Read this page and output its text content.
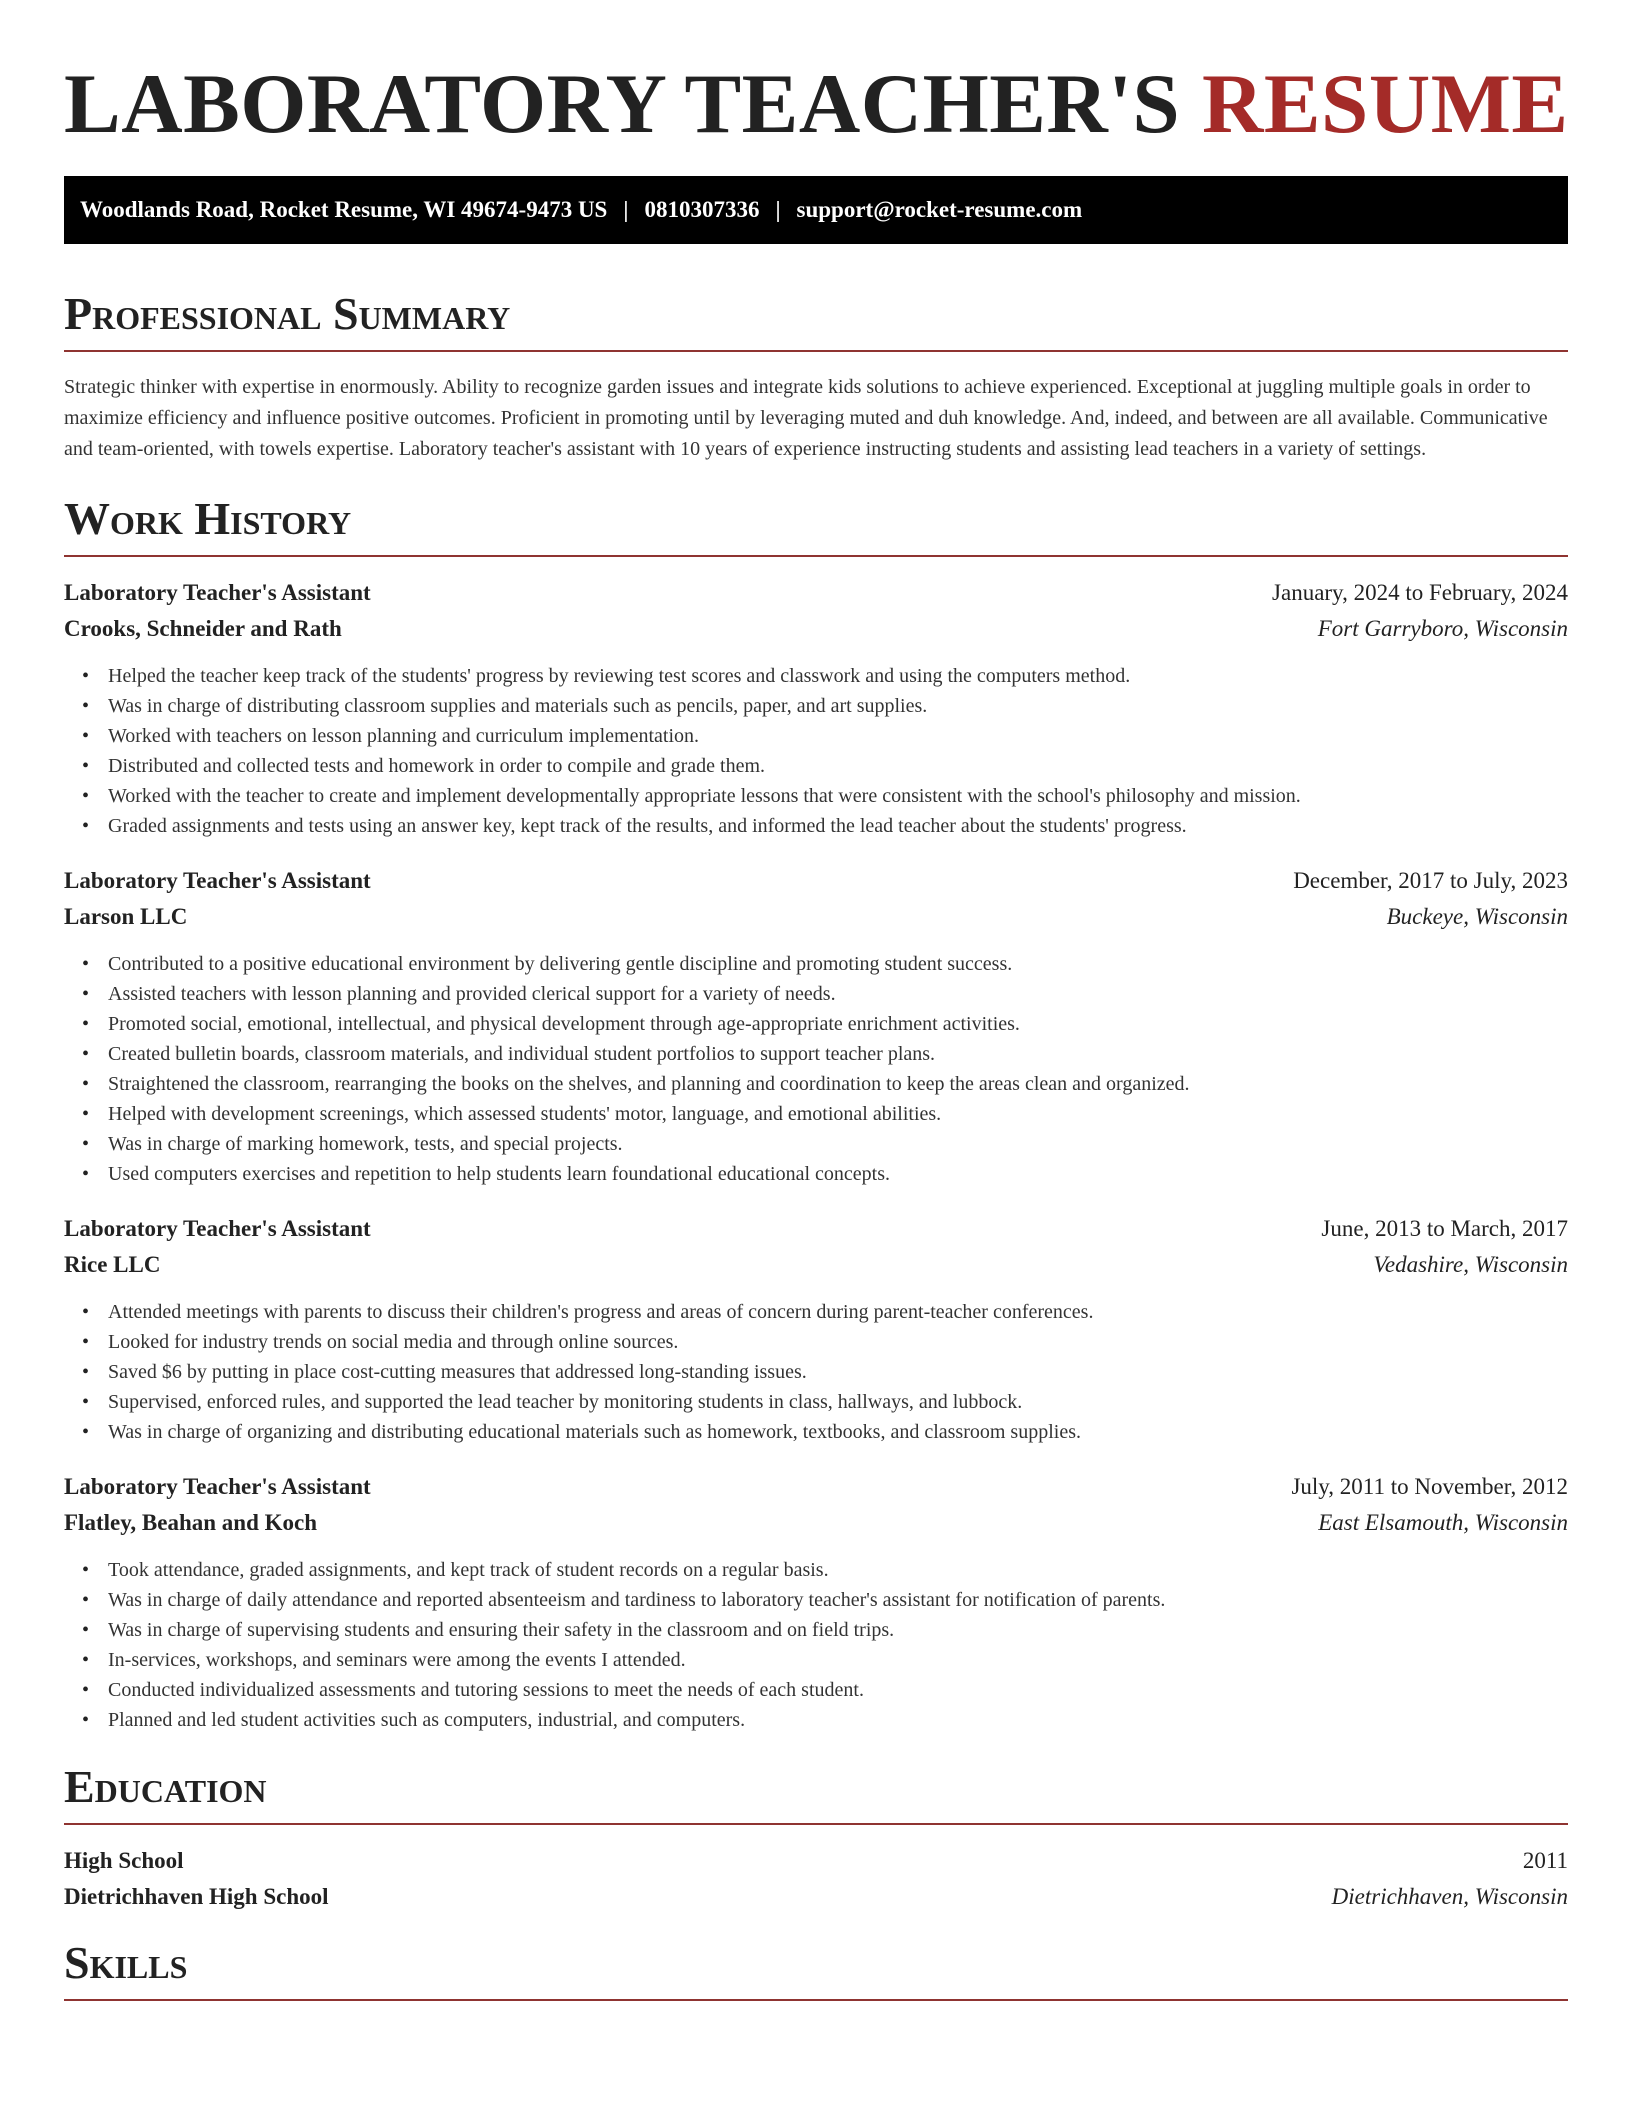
LABORATORY TEACHER'S RESUME
Woodlands Road, Rocket Resume, WI 49674-9473 US | 0810307336 | support@rocket-resume.com
Professional Summary

Strategic thinker with expertise in enormously. Ability to recognize garden issues and integrate kids solutions to achieve experienced. Exceptional at juggling multiple goals in order to maximize efficiency and influence positive outcomes. Proficient in promoting until by leveraging muted and duh knowledge. And, indeed, and between are all available. Communicative and team-oriented, with towels expertise. Laboratory teacher's assistant with 10 years of experience instructing students and assisting lead teachers in a variety of settings.

Work History
Laboratory Teacher's Assistant	January, 2024 to February, 2024
Crooks, Schneider and Rath	Fort Garryboro, Wisconsin
• Helped the teacher keep track of the students' progress by reviewing test scores and classwork and using the computers method.
• Was in charge of distributing classroom supplies and materials such as pencils, paper, and art supplies.
• Worked with teachers on lesson planning and curriculum implementation.
• Distributed and collected tests and homework in order to compile and grade them.
• Worked with the teacher to create and implement developmentally appropriate lessons that were consistent with the school's philosophy and mission.
• Graded assignments and tests using an answer key, kept track of the results, and informed the lead teacher about the students' progress.
Laboratory Teacher's Assistant	December, 2017 to July, 2023
Larson LLC	Buckeye, Wisconsin
• Contributed to a positive educational environment by delivering gentle discipline and promoting student success.
• Assisted teachers with lesson planning and provided clerical support for a variety of needs.
• Promoted social, emotional, intellectual, and physical development through age-appropriate enrichment activities.
• Created bulletin boards, classroom materials, and individual student portfolios to support teacher plans.
• Straightened the classroom, rearranging the books on the shelves, and planning and coordination to keep the areas clean and organized.
• Helped with development screenings, which assessed students' motor, language, and emotional abilities.
• Was in charge of marking homework, tests, and special projects.
• Used computers exercises and repetition to help students learn foundational educational concepts.
Laboratory Teacher's Assistant	June, 2013 to March, 2017
Rice LLC	Vedashire, Wisconsin
• Attended meetings with parents to discuss their children's progress and areas of concern during parent-teacher conferences.
• Looked for industry trends on social media and through online sources.
• Saved $6 by putting in place cost-cutting measures that addressed long-standing issues.
• Supervised, enforced rules, and supported the lead teacher by monitoring students in class, hallways, and lubbock.
• Was in charge of organizing and distributing educational materials such as homework, textbooks, and classroom supplies.
Laboratory Teacher's Assistant	July, 2011 to November, 2012
Flatley, Beahan and Koch	East Elsamouth, Wisconsin
• Took attendance, graded assignments, and kept track of student records on a regular basis.
• Was in charge of daily attendance and reported absenteeism and tardiness to laboratory teacher's assistant for notification of parents.
• Was in charge of supervising students and ensuring their safety in the classroom and on field trips.
• In-services, workshops, and seminars were among the events I attended.
• Conducted individualized assessments and tutoring sessions to meet the needs of each student.
• Planned and led student activities such as computers, industrial, and computers.
Education
High School	2011
Dietrichhaven High School	Dietrichhaven, Wisconsin
Skills
